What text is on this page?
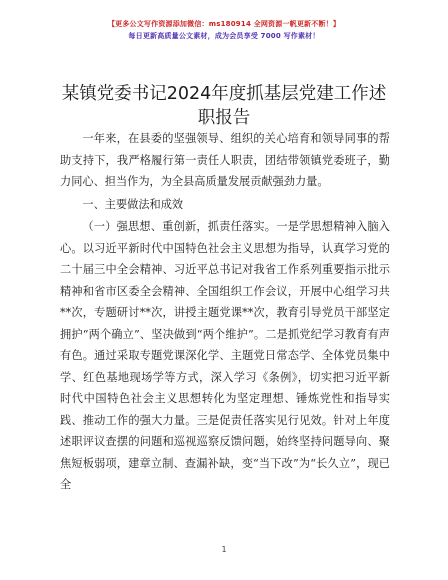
【更多公文写作资源添加微信：ms180914 全网资源一帆更新不断！】
每日更新高质量公文素材，成为会员享受 7000 写作素材！
某镇党委书记2024年度抓基层党建工作述职报告

一年来，在县委的坚强领导、组织的关心培育和领导同事的帮助支持下，我严格履行第一责任人职责，团结带领镇党委班子，勤力同心、担当作为，为全县高质量发展贡献强劲力量。

一、主要做法和成效

（一）强思想、重创新，抓责任落实。一是学思想精神入脑入心。以习近平新时代中国特色社会主义思想为指导，认真学习党的二十届三中全会精神、习近平总书记对我省工作系列重要指示批示精神和省市区委全会精神、全国组织工作会议，开展中心组学习共**次，专题研讨**次，讲授主题党课**次，教育引导党员干部坚定拥护“两个确立”、坚决做到“两个维护”。二是抓党纪学习教育有声有色。通过采取专题党课深化学、主题党日常态学、全体党员集中学、红色基地现场学等方式，深入学习《条例》，切实把习近平新时代中国特色社会主义思想转化为坚定理想、锤炼党性和指导实践、推动工作的强大力量。三是促责任落实见行见效。针对上年度述职评议查摆的问题和巡视巡察反馈问题，始终坚持问题导向、聚焦短板弱项，建章立制、查漏补缺，变“当下改”为“长久立”，现已全

1
